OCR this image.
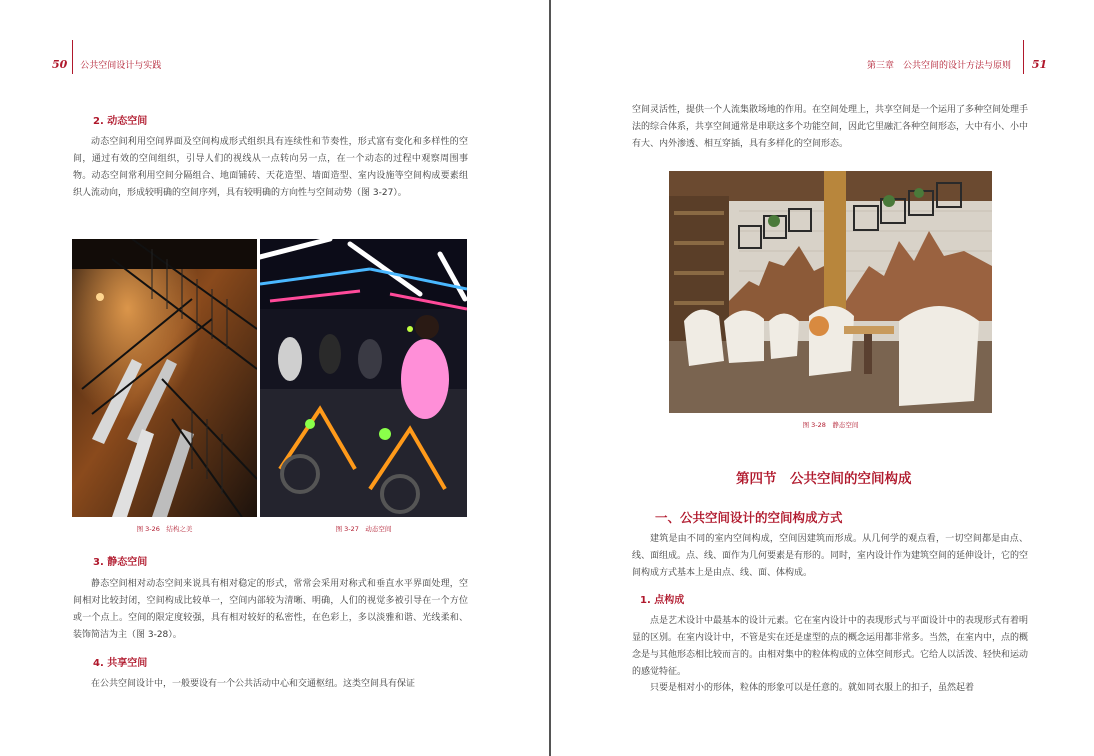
50 公共空间设计与实践
2. 动态空间
动态空间利用空间界面及空间构成形式组织具有连续性和节奏性，形式富有变化和多样性的空间，通过有效的空间组织，引导人们的视线从一点转向另一点，在一个动态的过程中观察周围事物。动态空间常利用空间分隔组合、地面铺砖、天花造型、墙面造型、室内设施等空间构成要素组织人流动向，形成较明确的空间序列，具有较明确的方向性与空间动势（图 3-27）。
图 3-26　结构之美	图 3-27　动态空间
3. 静态空间
静态空间相对动态空间来说具有相对稳定的形式，常常会采用对称式和垂直水平界面处理，空间相对比较封闭，空间构成比较单一，空间内部较为清晰、明确，人们的视觉多被引导在一个方位或一个点上。空间的限定度较强，具有相对较好的私密性，在色彩上，多以淡雅和谐、光线柔和、装饰简洁为主（图 3-28）。
4. 共享空间
在公共空间设计中，一般要设有一个公共活动中心和交通枢纽。这类空间具有保证
第三章　公共空间的设计方法与原则 51
空间灵活性，提供一个人流集散场地的作用。在空间处理上，共享空间是一个运用了多种空间处理手法的综合体系，共享空间通常是串联这多个功能空间，因此它里融汇各种空间形态，大中有小、小中有大、内外渗透、相互穿插，具有多样化的空间形态。
图 3-28　静态空间
第四节　公共空间的空间构成
一、公共空间设计的空间构成方式
建筑是由不同的室内空间构成，空间因建筑而形成。从几何学的观点看，一切空间都是由点、线、面组成。点、线、面作为几何要素是有形的。同时，室内设计作为建筑空间的延伸设计，它的空间构成方式基本上是由点、线、面、体构成。
1. 点构成
点是艺术设计中最基本的设计元素。它在室内设计中的表现形式与平面设计中的表现形式有着明显的区别。在室内设计中，不管是实在还是虚型的点的概念运用都非常多。当然，在室内中，点的概念是与其他形态相比较而言的。由相对集中的粒体构成的立体空间形式。它给人以活泼、轻快和运动的感觉特征。
只要是相对小的形体，粒体的形象可以是任意的。就如同衣服上的扣子，虽然起着
